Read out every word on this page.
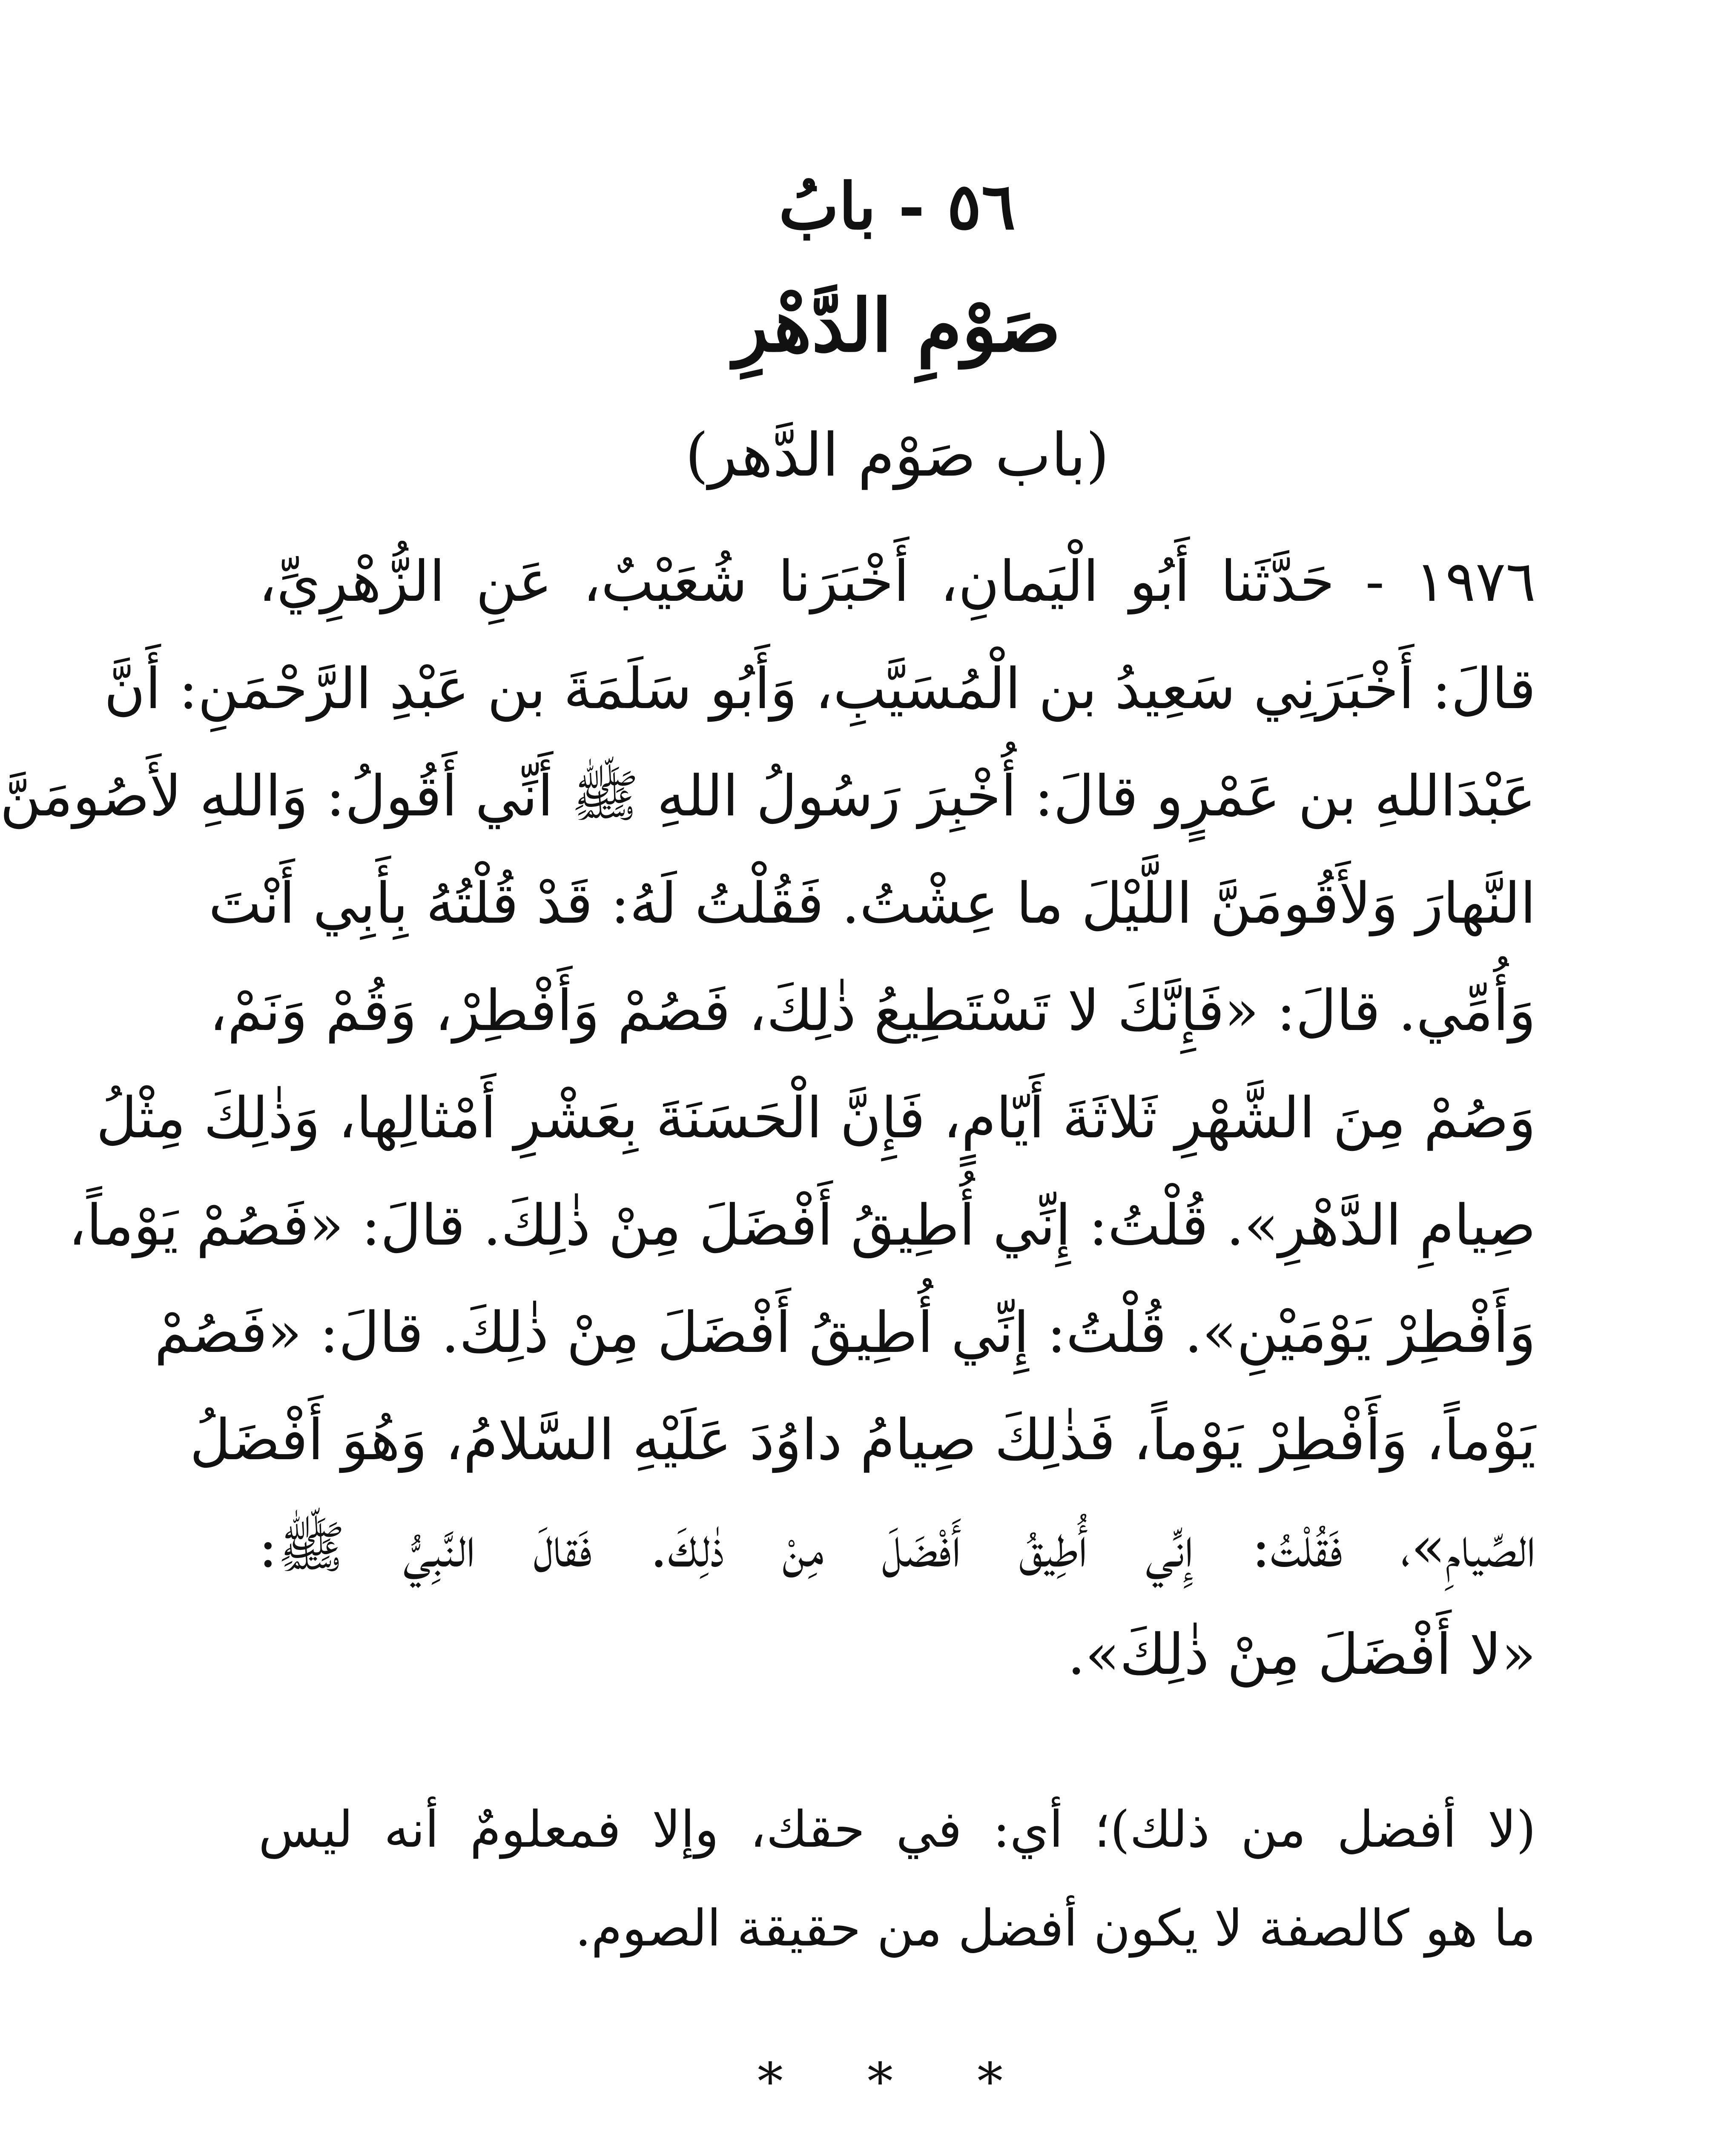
٥٦ - بابُ
صَوْمِ الدَّهْرِ
(باب صَوْم الدَّهر)
١٩٧٦ - حَدَّثَنا أَبُو الْيَمانِ، أَخْبَرَنا شُعَيْبٌ، عَنِ الزُّهْرِيِّ،
قالَ: أَخْبَرَنِي سَعِيدُ بن الْمُسَيَّبِ، وَأَبُو سَلَمَةَ بن عَبْدِ الرَّحْمَنِ: أَنَّ
عَبْدَاللهِ بن عَمْرٍو قالَ: أُخْبِرَ رَسُولُ اللهِ ﷺ أَنِّي أَقُولُ: وَاللهِ لأَصُومَنَّ
النَّهارَ وَلأَقُومَنَّ اللَّيْلَ ما عِشْتُ. فَقُلْتُ لَهُ: قَدْ قُلْتُهُ بِأَبِي أَنْتَ
وَأُمِّي. قالَ: «فَإِنَّكَ لا تَسْتَطِيعُ ذٰلِكَ، فَصُمْ وَأَفْطِرْ، وَقُمْ وَنَمْ،
وَصُمْ مِنَ الشَّهْرِ ثَلاثَةَ أَيّامٍ، فَإِنَّ الْحَسَنَةَ بِعَشْرِ أَمْثالِها، وَذٰلِكَ مِثْلُ
صِيامِ الدَّهْرِ». قُلْتُ: إِنِّي أُطِيقُ أَفْضَلَ مِنْ ذٰلِكَ. قالَ: «فَصُمْ يَوْماً،
وَأَفْطِرْ يَوْمَيْنِ». قُلْتُ: إِنِّي أُطِيقُ أَفْضَلَ مِنْ ذٰلِكَ. قالَ: «فَصُمْ
يَوْماً، وَأَفْطِرْ يَوْماً، فَذٰلِكَ صِيامُ داوُدَ عَلَيْهِ السَّلامُ، وَهُوَ أَفْضَلُ
الصِّيامِ»، فَقُلْتُ: إِنِّي أُطِيقُ أَفْضَلَ مِنْ ذٰلِكَ. فَقالَ النَّبِيُّ ﷺ:
«لا أَفْضَلَ مِنْ ذٰلِكَ».
(لا أفضل من ذلك)؛ أي: في حقك، وإلا فمعلومٌ أنه ليس
ما هو كالصفة لا يكون أفضل من حقيقة الصوم.
* * *
